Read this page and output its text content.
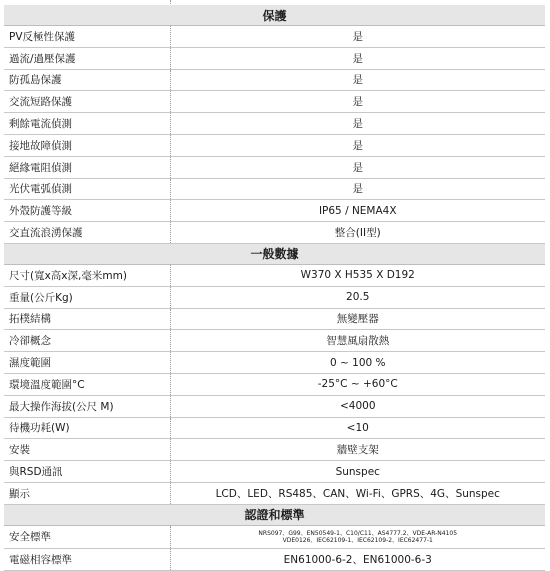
保護	
PV反極性保護	是
過流/過壓保護	是
防孤島保護	是
交流短路保護	是
剩餘電流偵測	是
接地故障偵測	是
絕緣電阻偵測	是
光伏電弧偵測	是
外殼防護等級	IP65 / NEMA4X
交直流浪湧保護	整合(II型)
一般數據	
尺寸(寬x高x深,毫米mm)	W370 X H535 X D192
重量(公斤Kg)	20.5
拓樸結構	無變壓器
冷卻概念	智慧風扇散熱
濕度範圍	0 ~ 100 %
環境溫度範圍°C	-25°C ~ +60°C
最大操作海拔(公尺 M)	<4000
待機功耗(W)	<10
安裝	牆壁支架
與RSD通訊	Sunspec
顯示	LCD、LED、RS485、CAN、Wi-Fi、GPRS、4G、Sunspec
認證和標準	
安全標準	NRS097、G99、EN50549-1、C10/C11、AS4777.2、VDE-AR-N4105
VDE0126、IEC62109-1、IEC62109-2、IEC62477-1

電磁相容標準	EN61000-6-2、EN61000-6-3
